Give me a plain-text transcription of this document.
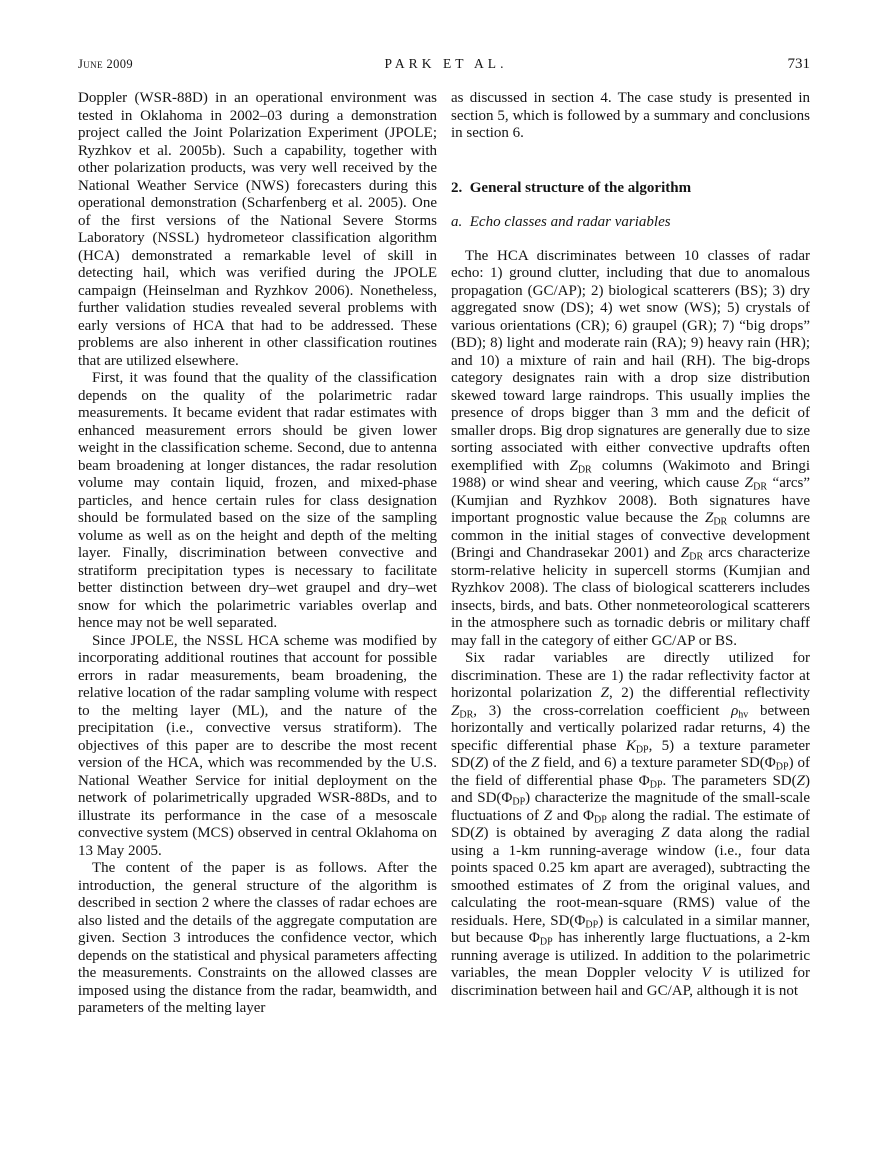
June 2009	PARK ET AL.	731
Doppler (WSR-88D) in an operational environment was tested in Oklahoma in 2002–03 during a demonstration project called the Joint Polarization Experiment (JPOLE; Ryzhkov et al. 2005b). Such a capability, together with other polarization products, was very well received by the National Weather Service (NWS) forecasters during this operational demonstration (Scharfenberg et al. 2005). One of the first versions of the National Severe Storms Laboratory (NSSL) hydrometeor classification algorithm (HCA) demonstrated a remarkable level of skill in detecting hail, which was verified during the JPOLE campaign (Heinselman and Ryzhkov 2006). Nonetheless, further validation studies revealed several problems with early versions of HCA that had to be addressed. These problems are also inherent in other classification routines that are utilized elsewhere.
First, it was found that the quality of the classification depends on the quality of the polarimetric radar measurements. It became evident that radar estimates with enhanced measurement errors should be given lower weight in the classification scheme. Second, due to antenna beam broadening at longer distances, the radar resolution volume may contain liquid, frozen, and mixed-phase particles, and hence certain rules for class designation should be formulated based on the size of the sampling volume as well as on the height and depth of the melting layer. Finally, discrimination between convective and stratiform precipitation types is necessary to facilitate better distinction between dry–wet graupel and dry–wet snow for which the polarimetric variables overlap and hence may not be well separated.
Since JPOLE, the NSSL HCA scheme was modified by incorporating additional routines that account for possible errors in radar measurements, beam broadening, the relative location of the radar sampling volume with respect to the melting layer (ML), and the nature of the precipitation (i.e., convective versus stratiform). The objectives of this paper are to describe the most recent version of the HCA, which was recommended by the U.S. National Weather Service for initial deployment on the network of polarimetrically upgraded WSR-88Ds, and to illustrate its performance in the case of a mesoscale convective system (MCS) observed in central Oklahoma on 13 May 2005.
The content of the paper is as follows. After the introduction, the general structure of the algorithm is described in section 2 where the classes of radar echoes are also listed and the details of the aggregate computation are given. Section 3 introduces the confidence vector, which depends on the statistical and physical parameters affecting the measurements. Constraints on the allowed classes are imposed using the distance from the radar, beamwidth, and parameters of the melting layer
as discussed in section 4. The case study is presented in section 5, which is followed by a summary and conclusions in section 6.
2. General structure of the algorithm
a. Echo classes and radar variables
The HCA discriminates between 10 classes of radar echo: 1) ground clutter, including that due to anomalous propagation (GC/AP); 2) biological scatterers (BS); 3) dry aggregated snow (DS); 4) wet snow (WS); 5) crystals of various orientations (CR); 6) graupel (GR); 7) “big drops” (BD); 8) light and moderate rain (RA); 9) heavy rain (HR); and 10) a mixture of rain and hail (RH). The big-drops category designates rain with a drop size distribution skewed toward large raindrops. This usually implies the presence of drops bigger than 3 mm and the deficit of smaller drops. Big drop signatures are generally due to size sorting associated with either convective updrafts often exemplified with $Z_{DR}$ columns (Wakimoto and Bringi 1988) or wind shear and veering, which cause $Z_{DR}$ “arcs” (Kumjian and Ryzhkov 2008). Both signatures have important prognostic value because the $Z_{DR}$ columns are common in the initial stages of convective development (Bringi and Chandrasekar 2001) and $Z_{DR}$ arcs characterize storm-relative helicity in supercell storms (Kumjian and Ryzhkov 2008). The class of biological scatterers includes insects, birds, and bats. Other nonmeteorological scatterers in the atmosphere such as tornadic debris or military chaff may fall in the category of either GC/AP or BS.
Six radar variables are directly utilized for discrimination. These are 1) the radar reflectivity factor at horizontal polarization Z, 2) the differential reflectivity $Z_{DR}$, 3) the cross-correlation coefficient $\rho_{hv}$ between horizontally and vertically polarized radar returns, 4) the specific differential phase $K_{DP}$, 5) a texture parameter SD(Z) of the Z field, and 6) a texture parameter $SD(\Phi_{DP})$ of the field of differential phase $\Phi_{DP}$. The parameters SD(Z) and $SD(\Phi_{DP})$ characterize the magnitude of the small-scale fluctuations of Z and $\Phi_{DP}$ along the radial. The estimate of SD(Z) is obtained by averaging Z data along the radial using a 1-km running-average window (i.e., four data points spaced 0.25 km apart are averaged), subtracting the smoothed estimates of Z from the original values, and calculating the root-mean-square (RMS) value of the residuals. Here, $SD(\Phi_{DP})$ is calculated in a similar manner, but because $\Phi_{DP}$ has inherently large fluctuations, a 2-km running average is utilized. In addition to the polarimetric variables, the mean Doppler velocity V is utilized for discrimination between hail and GC/AP, although it is not
